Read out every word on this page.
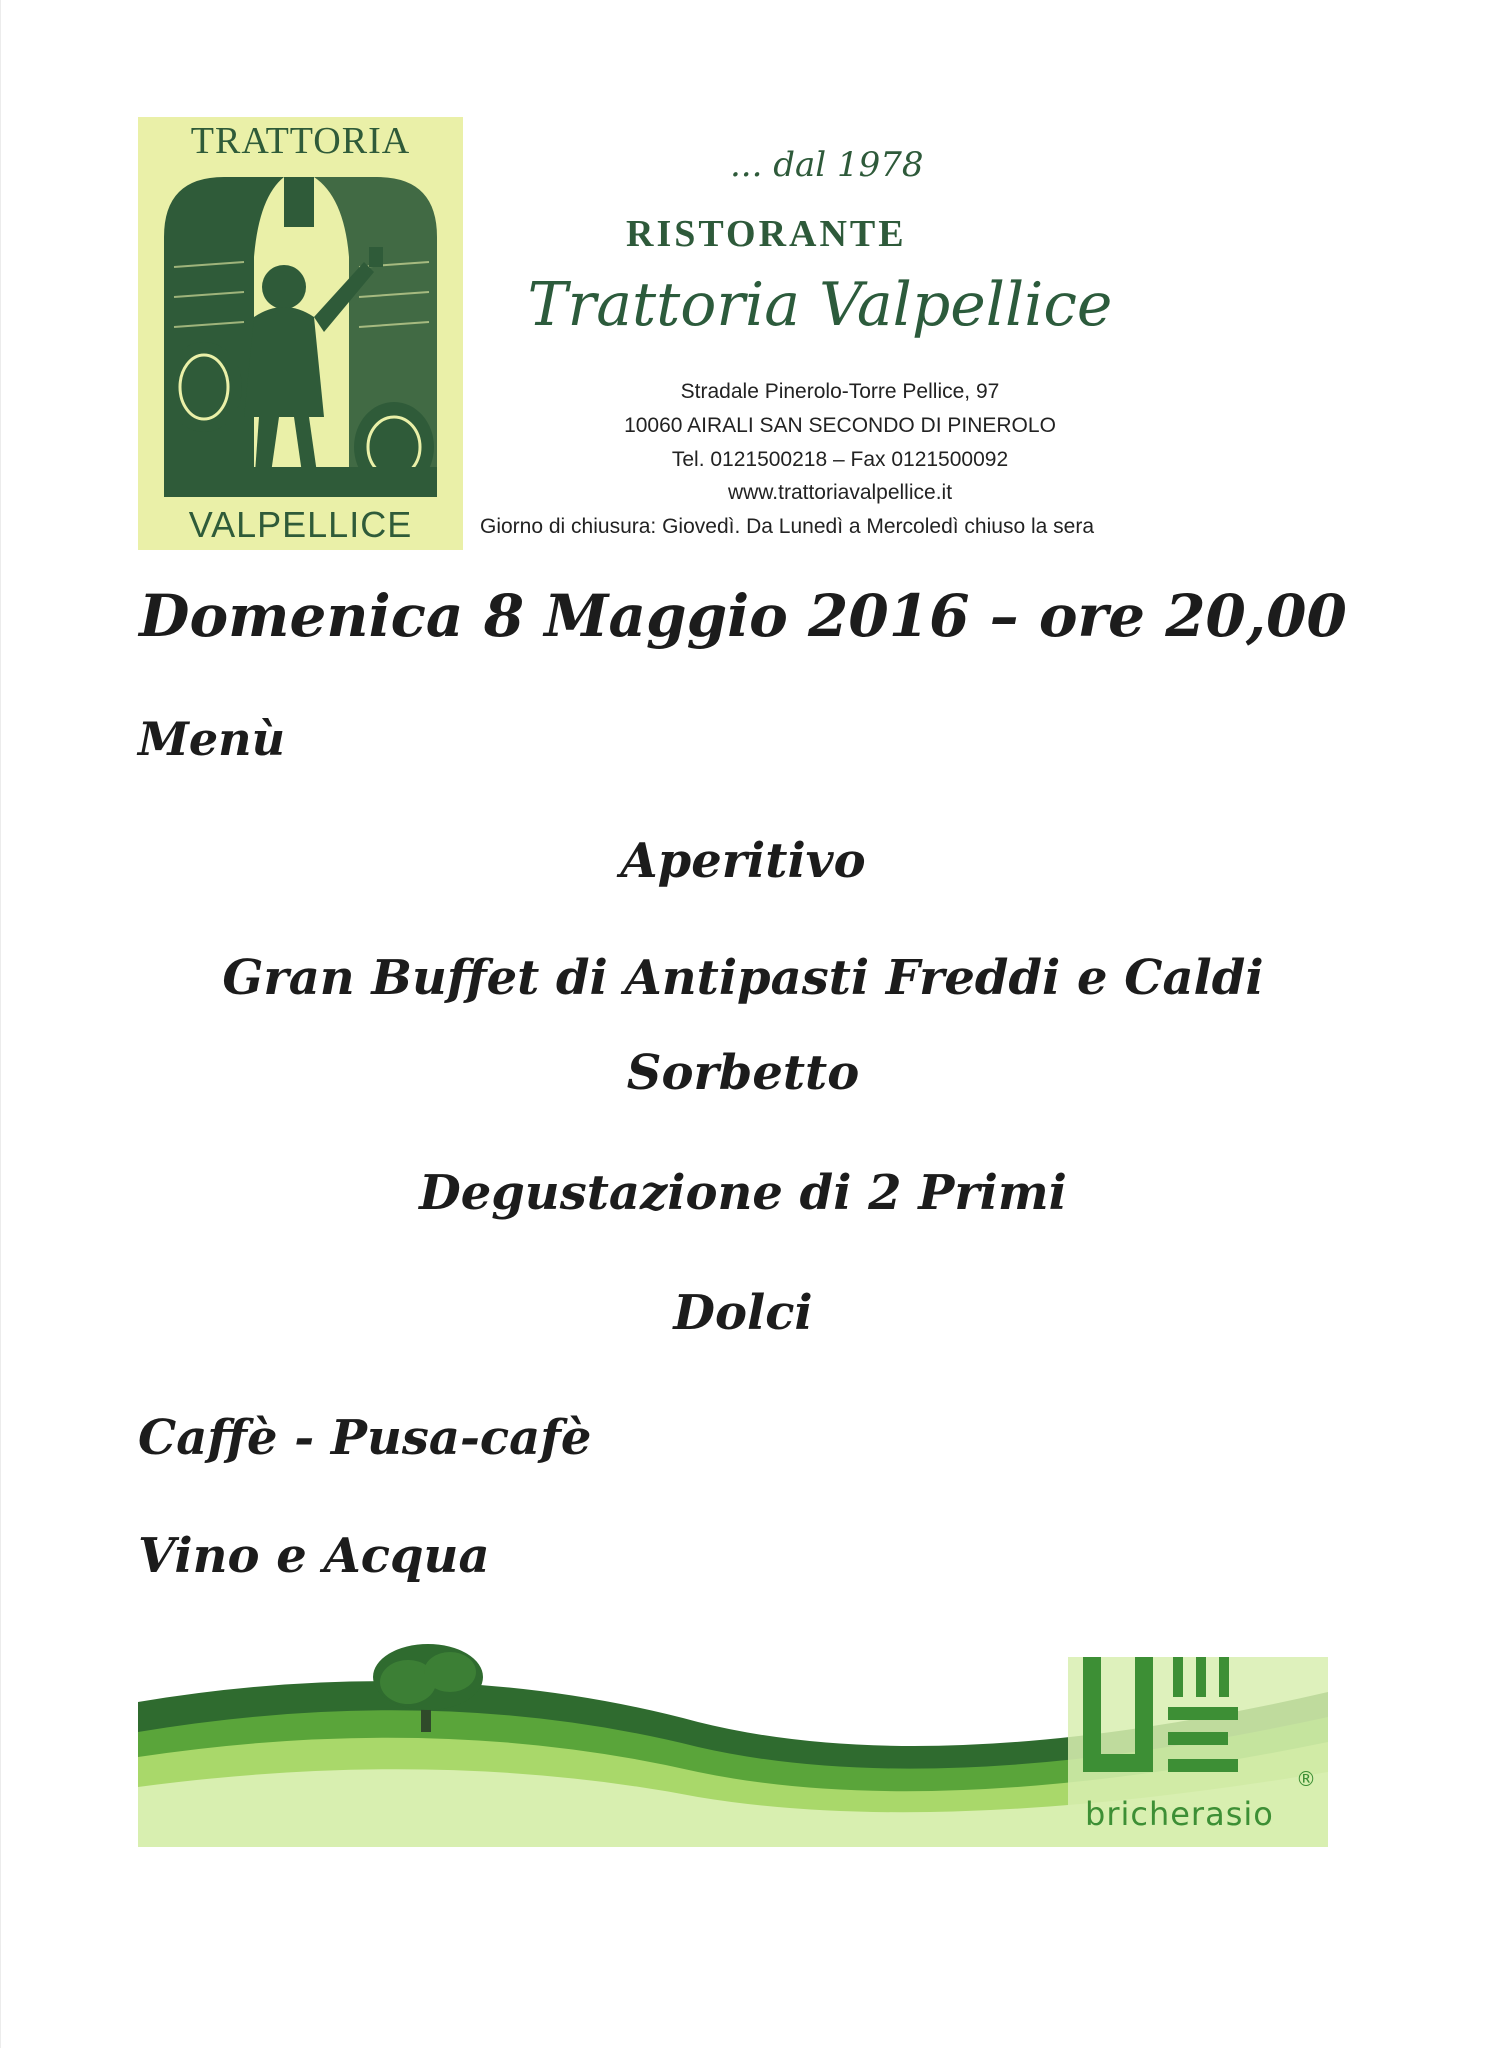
TRATTORIA
VALPELLICE
... dal 1978
RISTORANTE
Trattoria Valpellice
Stradale Pinerolo-Torre Pellice, 97
10060 AIRALI SAN SECONDO DI PINEROLO
Tel. 0121500218 – Fax 0121500092
www.trattoriavalpellice.it
Giorno di chiusura: Giovedì. Da Lunedì a Mercoledì chiuso la sera
Domenica 8 Maggio 2016 – ore 20,00
Menù
Aperitivo
Gran Buffet di Antipasti Freddi e Caldi
Sorbetto
Degustazione di 2 Primi
Dolci
Caffè - Pusa-cafè
Vino e Acqua
bricherasio
®
